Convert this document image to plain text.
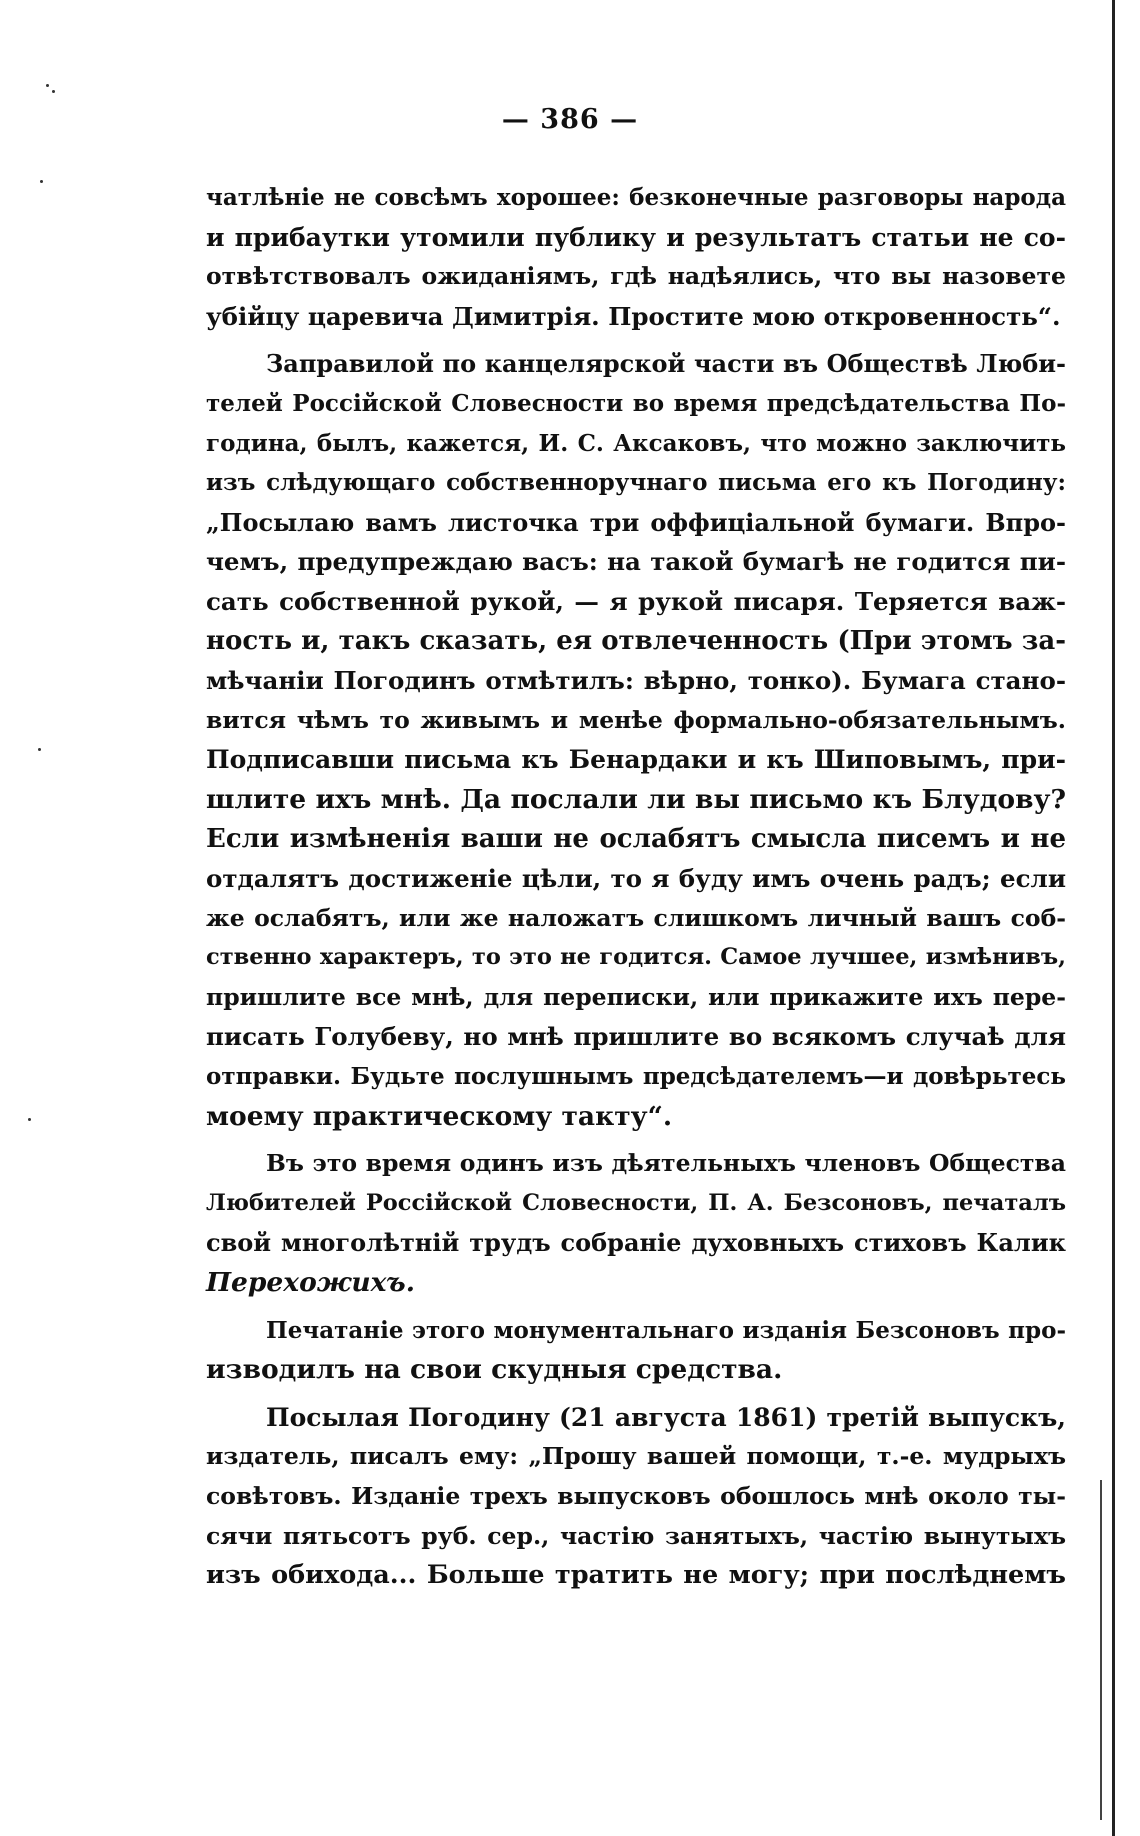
— 386 —

чатлѣніе не совсѣмъ хорошее: безконечные разговоры народа
и прибаутки утомили публику и результатъ статьи не со-
отвѣтствовалъ ожиданіямъ, гдѣ надѣялись, что вы назовете
убійцу царевича Димитрія. Простите мою откровенность“.

Заправилой по канцелярской части въ Обществѣ Люби-
телей Россійской Словесности во время предсѣдательства По-
година, былъ, кажется, И. С. Аксаковъ, что можно заключить
изъ слѣдующаго собственноручнаго письма его къ Погодину:
„Посылаю вамъ листочка три оффиціальной бумаги. Впро-
чемъ, предупреждаю васъ: на такой бумагѣ не годится пи-
сать собственной рукой, — я рукой писаря. Теряется важ-
ность и, такъ сказать, ея отвлеченность (При этомъ за-
мѣчаніи Погодинъ отмѣтилъ: вѣрно, тонко). Бумага стано-
вится чѣмъ то живымъ и менѣе формально-обязательнымъ.
Подписавши письма къ Бенардаки и къ Шиповымъ, при-
шлите ихъ мнѣ. Да послали ли вы письмо къ Блудову?
Если измѣненія ваши не ослабятъ смысла писемъ и не
отдалятъ достиженіе цѣли, то я буду имъ очень радъ; если
же ослабятъ, или же наложатъ слишкомъ личный вашъ соб-
ственно характеръ, то это не годится. Самое лучшее, измѣнивъ,
пришлите все мнѣ, для переписки, или прикажите ихъ пере-
писать Голубеву, но мнѣ пришлите во всякомъ случаѣ для
отправки. Будьте послушнымъ предсѣдателемъ—и довѣрьтесь
моему практическому такту“.

Въ это время одинъ изъ дѣятельныхъ членовъ Общества
Любителей Россійской Словесности, П. А. Безсоновъ, печаталъ
свой многолѣтній трудъ собраніе духовныхъ стиховъ Калик
Перехожихъ.

Печатаніе этого монументальнаго изданія Безсоновъ про-
изводилъ на свои скудныя средства.

Посылая Погодину (21 августа 1861) третій выпускъ,
издатель, писалъ ему: „Прошу вашей помощи, т.-е. мудрыхъ
совѣтовъ. Изданіе трехъ выпусковъ обошлось мнѣ около ты-
сячи пятьсотъ руб. сер., частію занятыхъ, частію вынутыхъ
изъ обихода... Больше тратить не могу; при послѣднемъ
